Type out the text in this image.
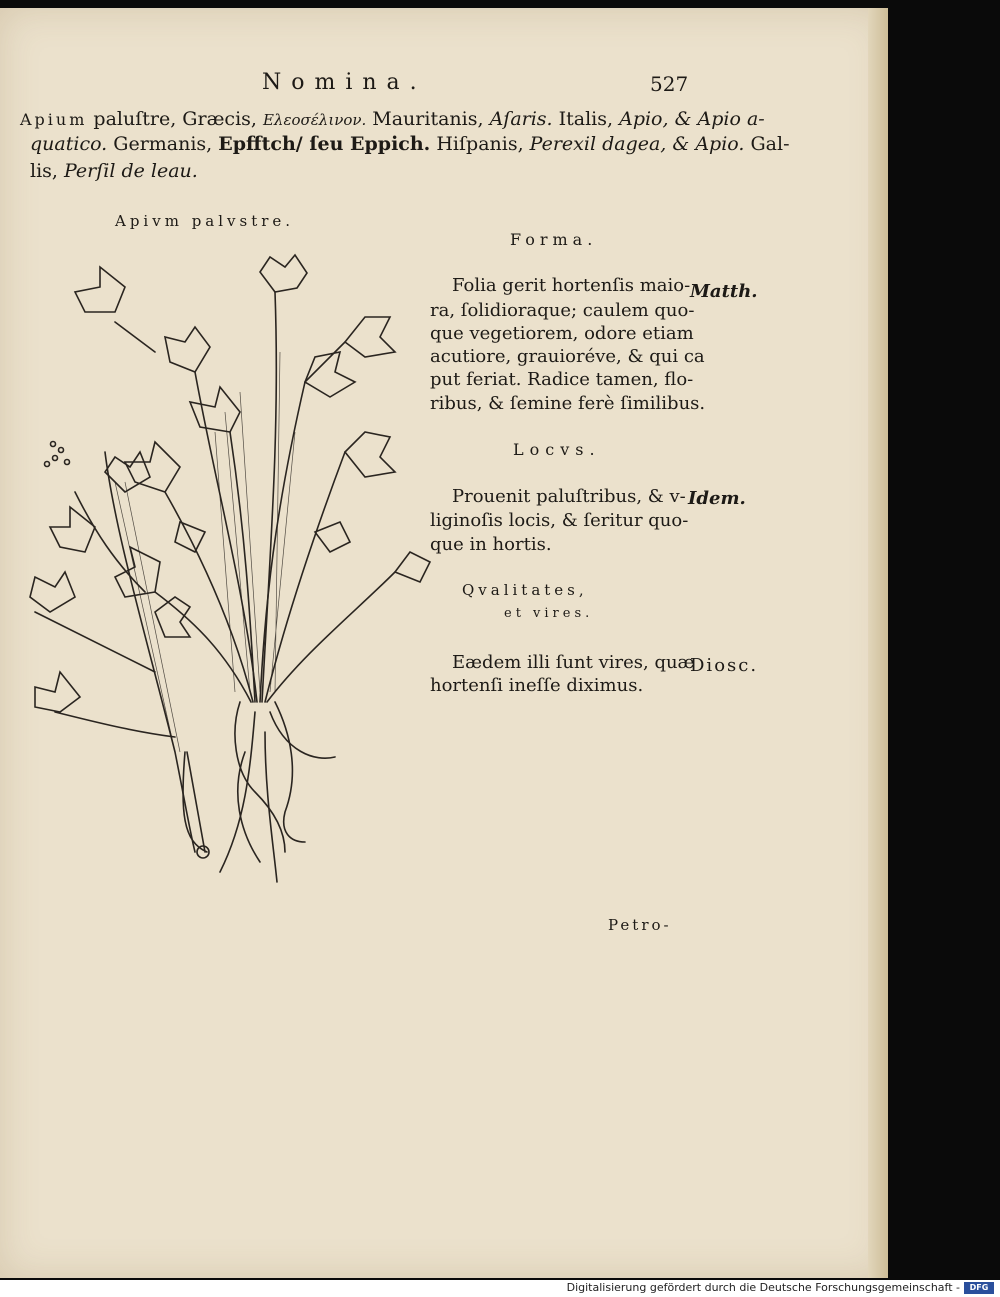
Nomina.	527
Apium paluſtre, Græcis, Ελεοσέλινον. Mauritanis, Aſaris. Italis, Apio, & Apio a-
quatico. Germanis, Epfftch/ ſeu Eppich. Hiſpanis, Perexil dagea, & Apio. Gal-
lis, Perſil de leau.
Apivm palvstre.
Forma.
Folia gerit hortenſis maio-
ra, ſolidioraque; caulem quo-
que vegetiorem, odore etiam
acutiore, grauioréve, & qui ca
put feriat. Radice tamen, flo-
ribus, & ſemine ferè ſimilibus.
Matth.
Locvs.
Prouenit paluſtribus, & v-
liginoſis locis, & ſeritur quo-
que in hortis.
Idem.
Qvalitates,
et vires.
Eædem illi ſunt vires, quæ
hortenſi ineſſe diximus.
Diosc.
Petro-
Digitalisierung gefördert durch die Deutsche Forschungsgemeinschaft -	DFG
